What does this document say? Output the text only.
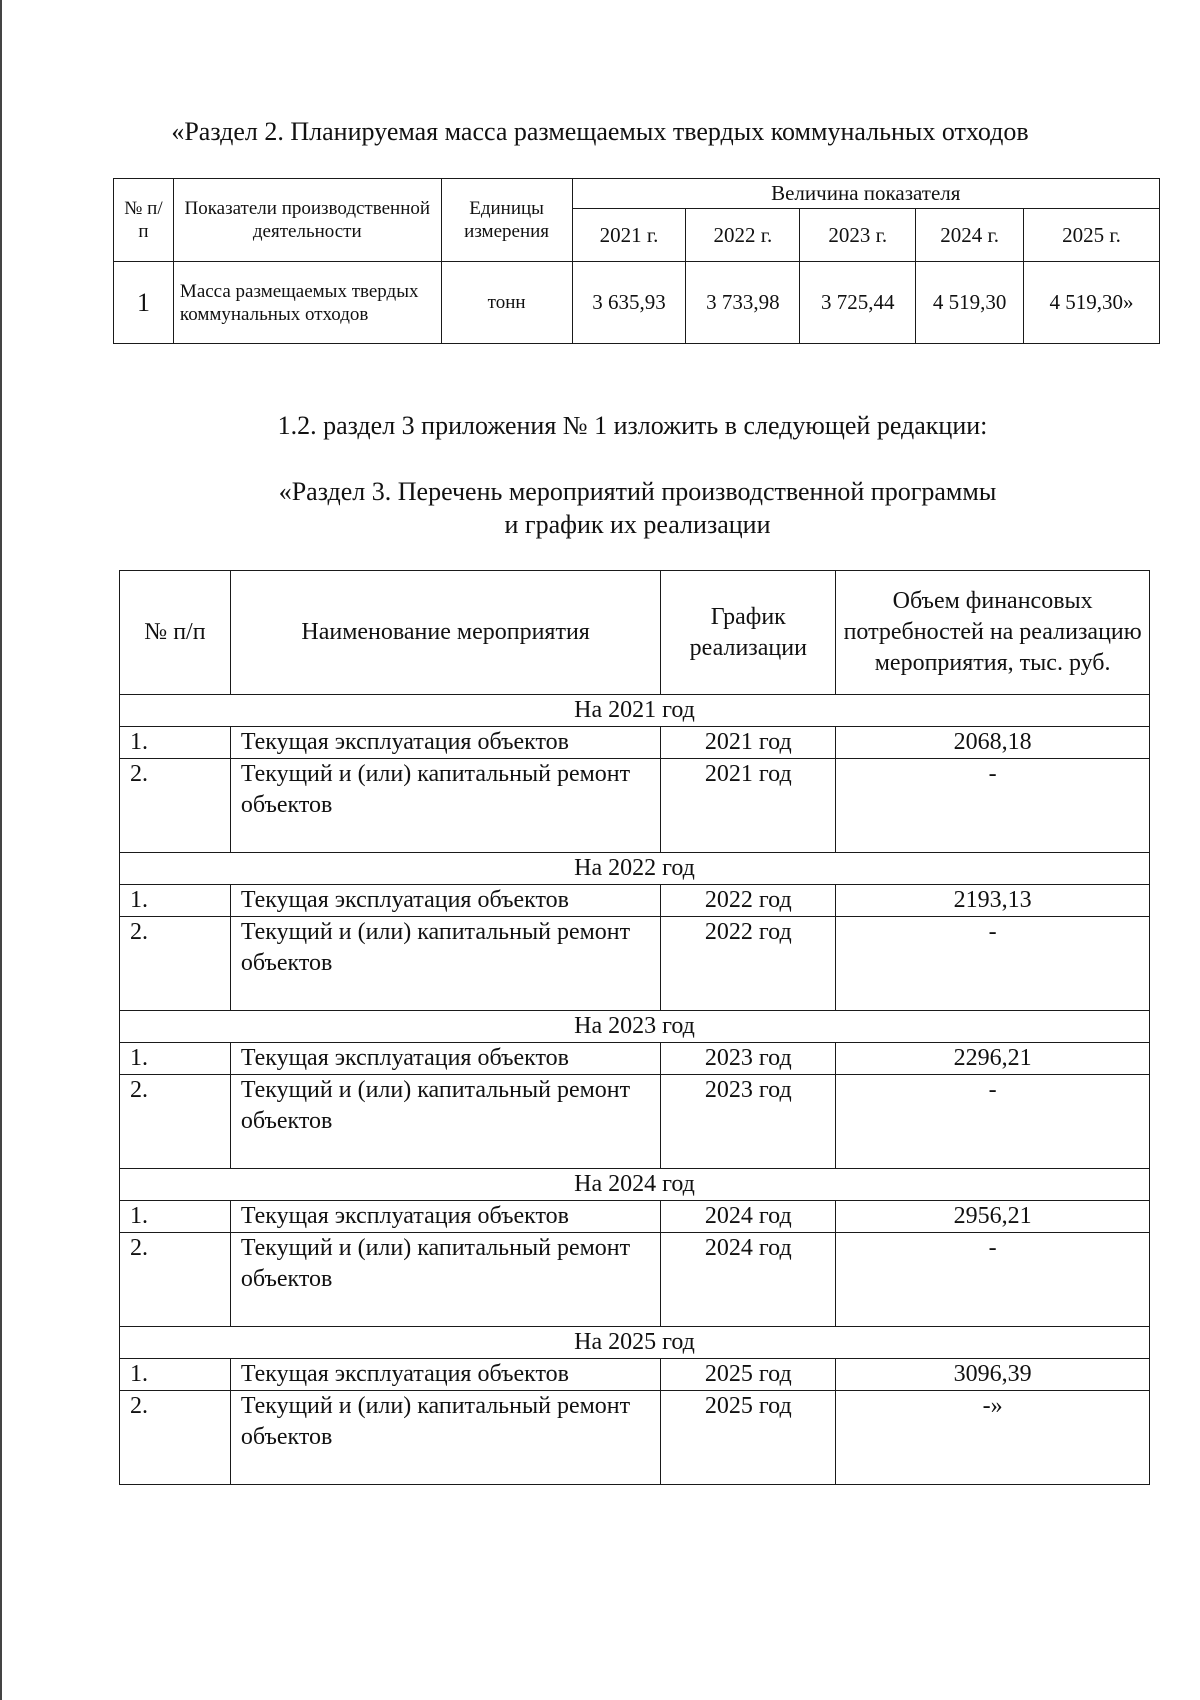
«Раздел 2. Планируемая масса размещаемых твердых коммунальных отходов
№ п/п	Показатели производственной деятельности	Единицы измерения	Величина показателя				
			2021 г.	2022 г.	2023 г.	2024 г.	2025 г.
1	Масса размещаемых твердых коммунальных отходов	тонн	3 635,93	3 733,98	3 725,44	4 519,30	4 519,30»
1.2. раздел 3 приложения № 1 изложить в следующей редакции:
«Раздел 3. Перечень мероприятий производственной программы
и график их реализации
№ п/п	Наименование мероприятия	График реализации	Объем финансовых потребностей на реализацию мероприятия, тыс. руб.
На 2021 год			
1.	Текущая эксплуатация объектов	2021 год	2068,18
2.	Текущий и (или) капитальный ремонт объектов	2021 год	-
На 2022 год			
1.	Текущая эксплуатация объектов	2022 год	2193,13
2.	Текущий и (или) капитальный ремонт объектов	2022 год	-
На 2023 год			
1.	Текущая эксплуатация объектов	2023 год	2296,21
2.	Текущий и (или) капитальный ремонт объектов	2023 год	-
На 2024 год			
1.	Текущая эксплуатация объектов	2024 год	2956,21
2.	Текущий и (или) капитальный ремонт объектов	2024 год	-
На 2025 год			
1.	Текущая эксплуатация объектов	2025 год	3096,39
2.	Текущий и (или) капитальный ремонт объектов	2025 год	-»
